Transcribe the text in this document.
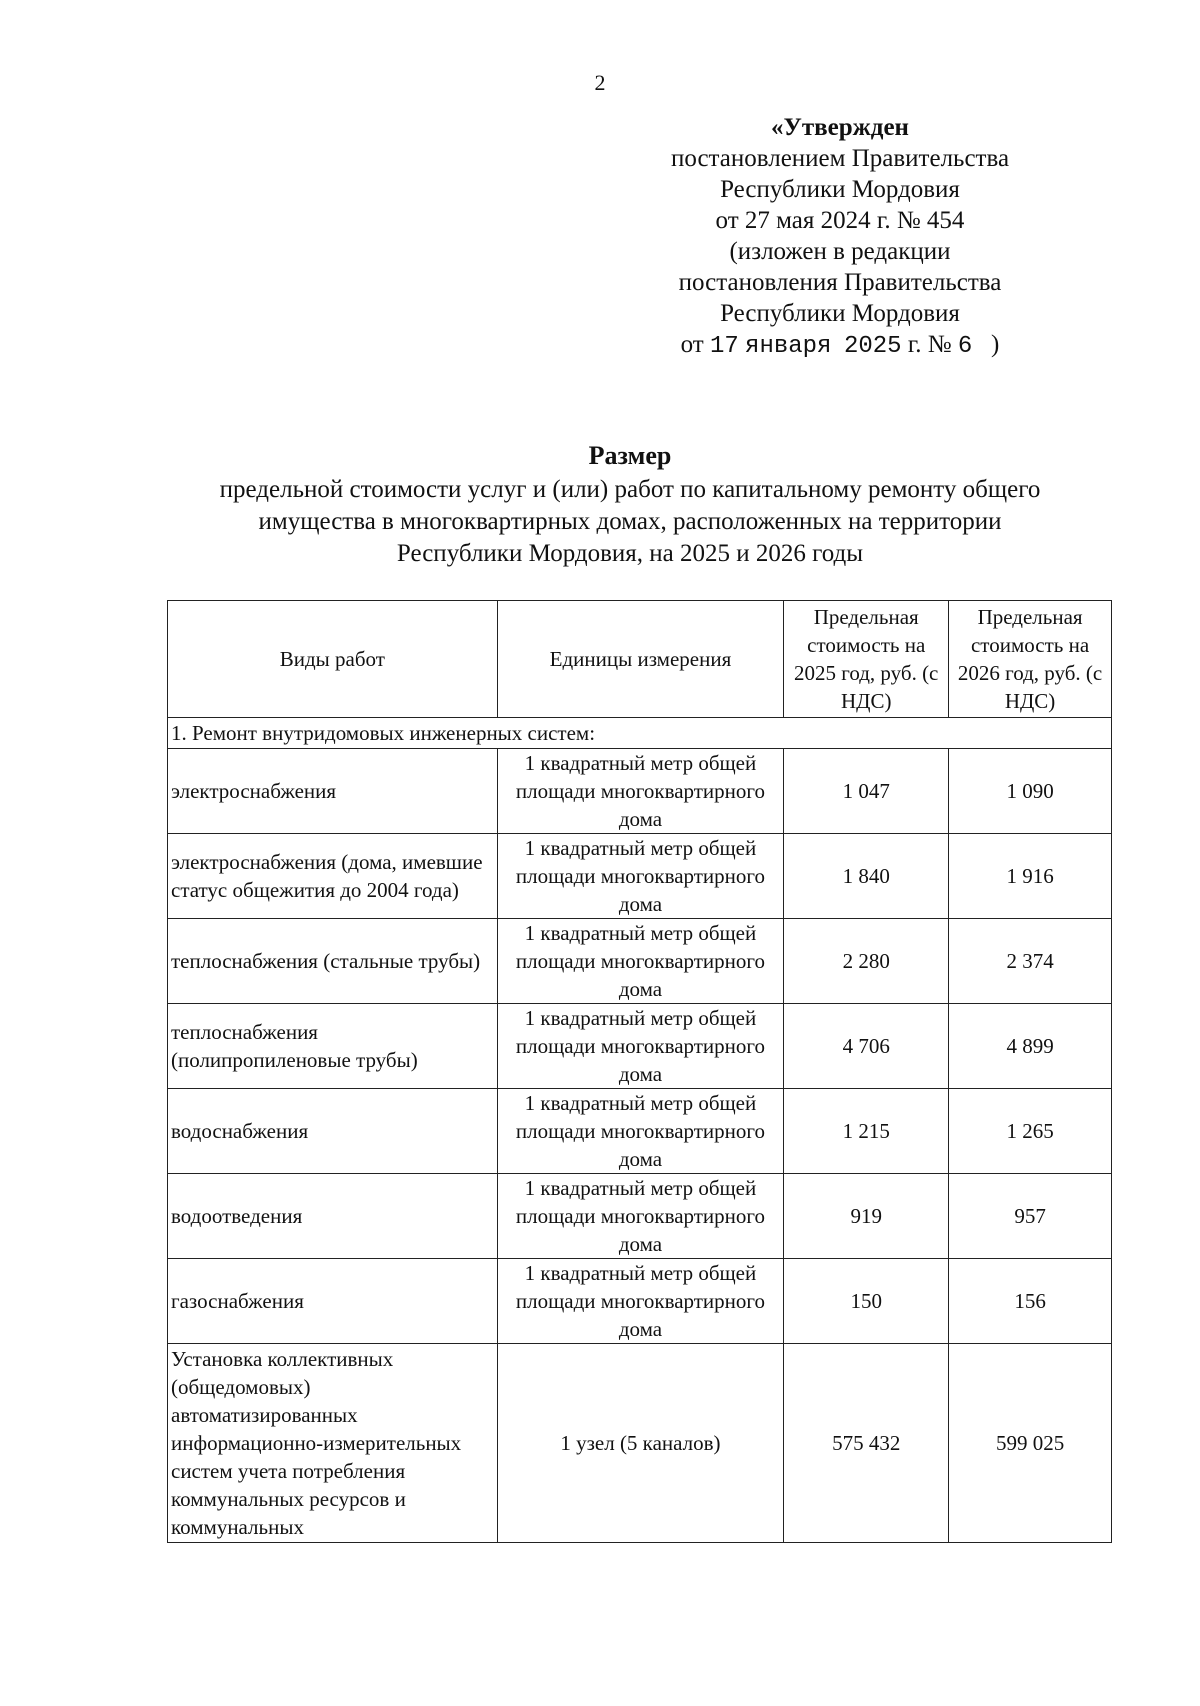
2
«Утвержден
постановлением Правительства
Республики Мордовия
от 27 мая 2024 г. № 454
(изложен в редакции
постановления Правительства
Республики Мордовия
от 17 января 2025 г. № 6 )
Размер
предельной стоимости услуг и (или) работ по капитальному ремонту общего
имущества в многоквартирных домах, расположенных на территории
Республики Мордовия, на 2025 и 2026 годы
Виды работ	Единицы измерения	Предельная стоимость на 2025 год, руб. (с НДС)	Предельная стоимость на 2026 год, руб. (с НДС)
1. Ремонт внутридомовых инженерных систем:			
электроснабжения	1 квадратный метр общей площади многоквартирного дома	1 047	1 090
электроснабжения (дома, имевшие статус общежития до 2004 года)	1 квадратный метр общей площади многоквартирного дома	1 840	1 916
теплоснабжения (стальные трубы)	1 квадратный метр общей площади многоквартирного дома	2 280	2 374
теплоснабжения (полипропиленовые трубы)	1 квадратный метр общей площади многоквартирного дома	4 706	4 899
водоснабжения	1 квадратный метр общей площади многоквартирного дома	1 215	1 265
водоотведения	1 квадратный метр общей площади многоквартирного дома	919	957
газоснабжения	1 квадратный метр общей площади многоквартирного дома	150	156
Установка коллективных (общедомовых) автоматизированных информационно-измерительных систем учета потребления коммунальных ресурсов и коммунальных	1 узел (5 каналов)	575 432	599 025
